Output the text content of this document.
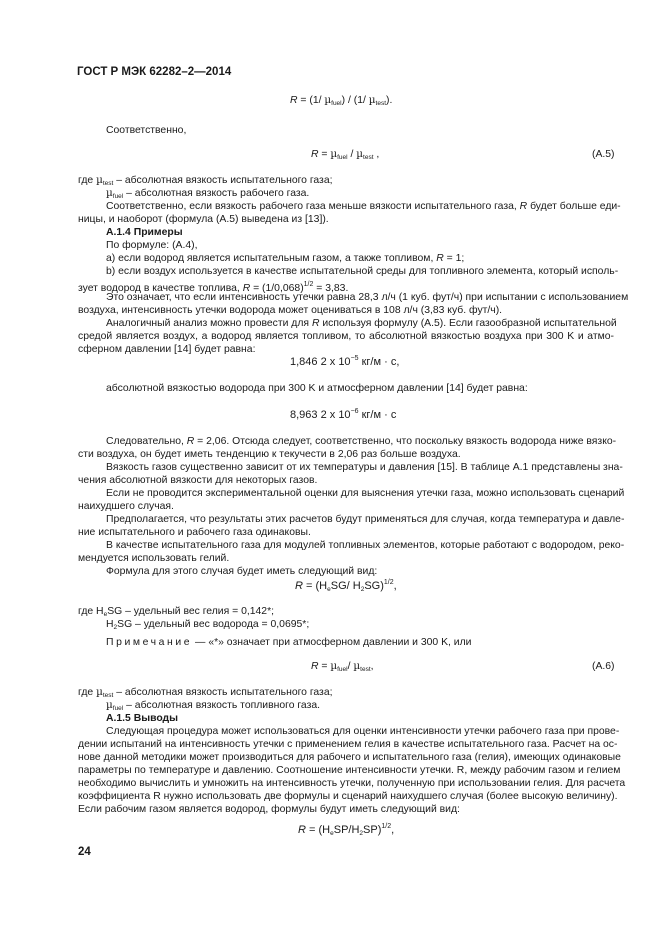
ГОСТ Р МЭК 62282–2—2014
R = (1/ µ$_{fuel}$) / (1/ µ$_{test}$).
Соответственно,
R = µ$_{fuel}$ / µ$_{test}$ ,	(А.5)
где µ$_{test}$ – абсолютная вязкость испытательного газа;
µ$_{fuel}$ – абсолютная вязкость рабочего газа.
Соответственно, если вязкость рабочего газа меньше вязкости испытательного газа, R будет больше еди-
ницы, и наоборот (формула (А.5) выведена из [13]).
А.1.4 Примеры
По формуле: (А.4),
а) если водород является испытательным газом, а также топливом, R = 1;
b) если воздух используется в качестве испытательной среды для топливного элемента, который исполь-
зует водород в качестве топлива, $R = (1/0,068)^{1/2} = 3,83$.
Это означает, что если интенсивность утечки равна 28,3 л/ч (1 куб. фут/ч) при испытании с использованием
воздуха, интенсивность утечки водорода может оцениваться в 108 л/ч (3,83 куб. фут/ч).
Аналогичный анализ можно провести для R используя формулу (А.5). Если газообразной испытательной
средой является воздух, а водород является топливом, то абсолютной вязкостью воздуха при 300 K и атмо-
сферном давлении [14] будет равна:
1,846 2 x $10^{-5}$ кг/м · c,
абсолютной вязкостью водорода при 300 K и атмосферном давлении [14] будет равна:
8,963 2 x $10^{-6}$ кг/м · c
Следовательно, R = 2,06. Отсюда следует, соответственно, что поскольку вязкость водорода ниже вязко-
сти воздуха, он будет иметь тенденцию к текучести в 2,06 раз больше воздуха.
Вязкость газов существенно зависит от их температуры и давления [15]. В таблице А.1 представлены зна-
чения абсолютной вязкости для некоторых газов.
Если не проводится экспериментальной оценки для выяснения утечки газа, можно использовать сценарий
наихудшего случая.
Предполагается, что результаты этих расчетов будут применяться для случая, когда температура и давле-
ние испытательного и рабочего газа одинаковы.
В качестве испытательного газа для модулей топливных элементов, которые работают с водородом, реко-
мендуется использовать гелий.
Формула для этого случая будет иметь следующий вид:
$R = (H_eSG/$ $H_2SG)^{1/2}$,
где $H_eSG$ – удельный вес гелия = 0,142*;
$H_2SG$ – удельный вес водорода = 0,0695*;
Примечание — «*» означает при атмосферном давлении и 300 K, или
R = µ$_{fuel}$/ µ$_{test}$,	(А.6)
где µ$_{test}$ – абсолютная вязкость испытательного газа;
µ$_{fuel}$ – абсолютная вязкость топливного газа.
А.1.5 Выводы
Следующая процедура может использоваться для оценки интенсивности утечки рабочего газа при прове-
дении испытаний на интенсивность утечки с применением гелия в качестве испытательного газа. Расчет на ос-
нове данной методики может производиться для рабочего и испытательного газа (гелия), имеющих одинаковые
параметры по температуре и давлению. Соотношение интенсивности утечки. R, между рабочим газом и гелием
необходимо вычислить и умножить на интенсивность утечки, полученную при использовании гелия. Для расчета
коэффициента R нужно использовать две формулы и сценарий наихудшего случая (более высокую величину).
Если рабочим газом является водород, формулы будут иметь следующий вид:
$R = (H_eSP/H_2SP)^{1/2}$,
24
